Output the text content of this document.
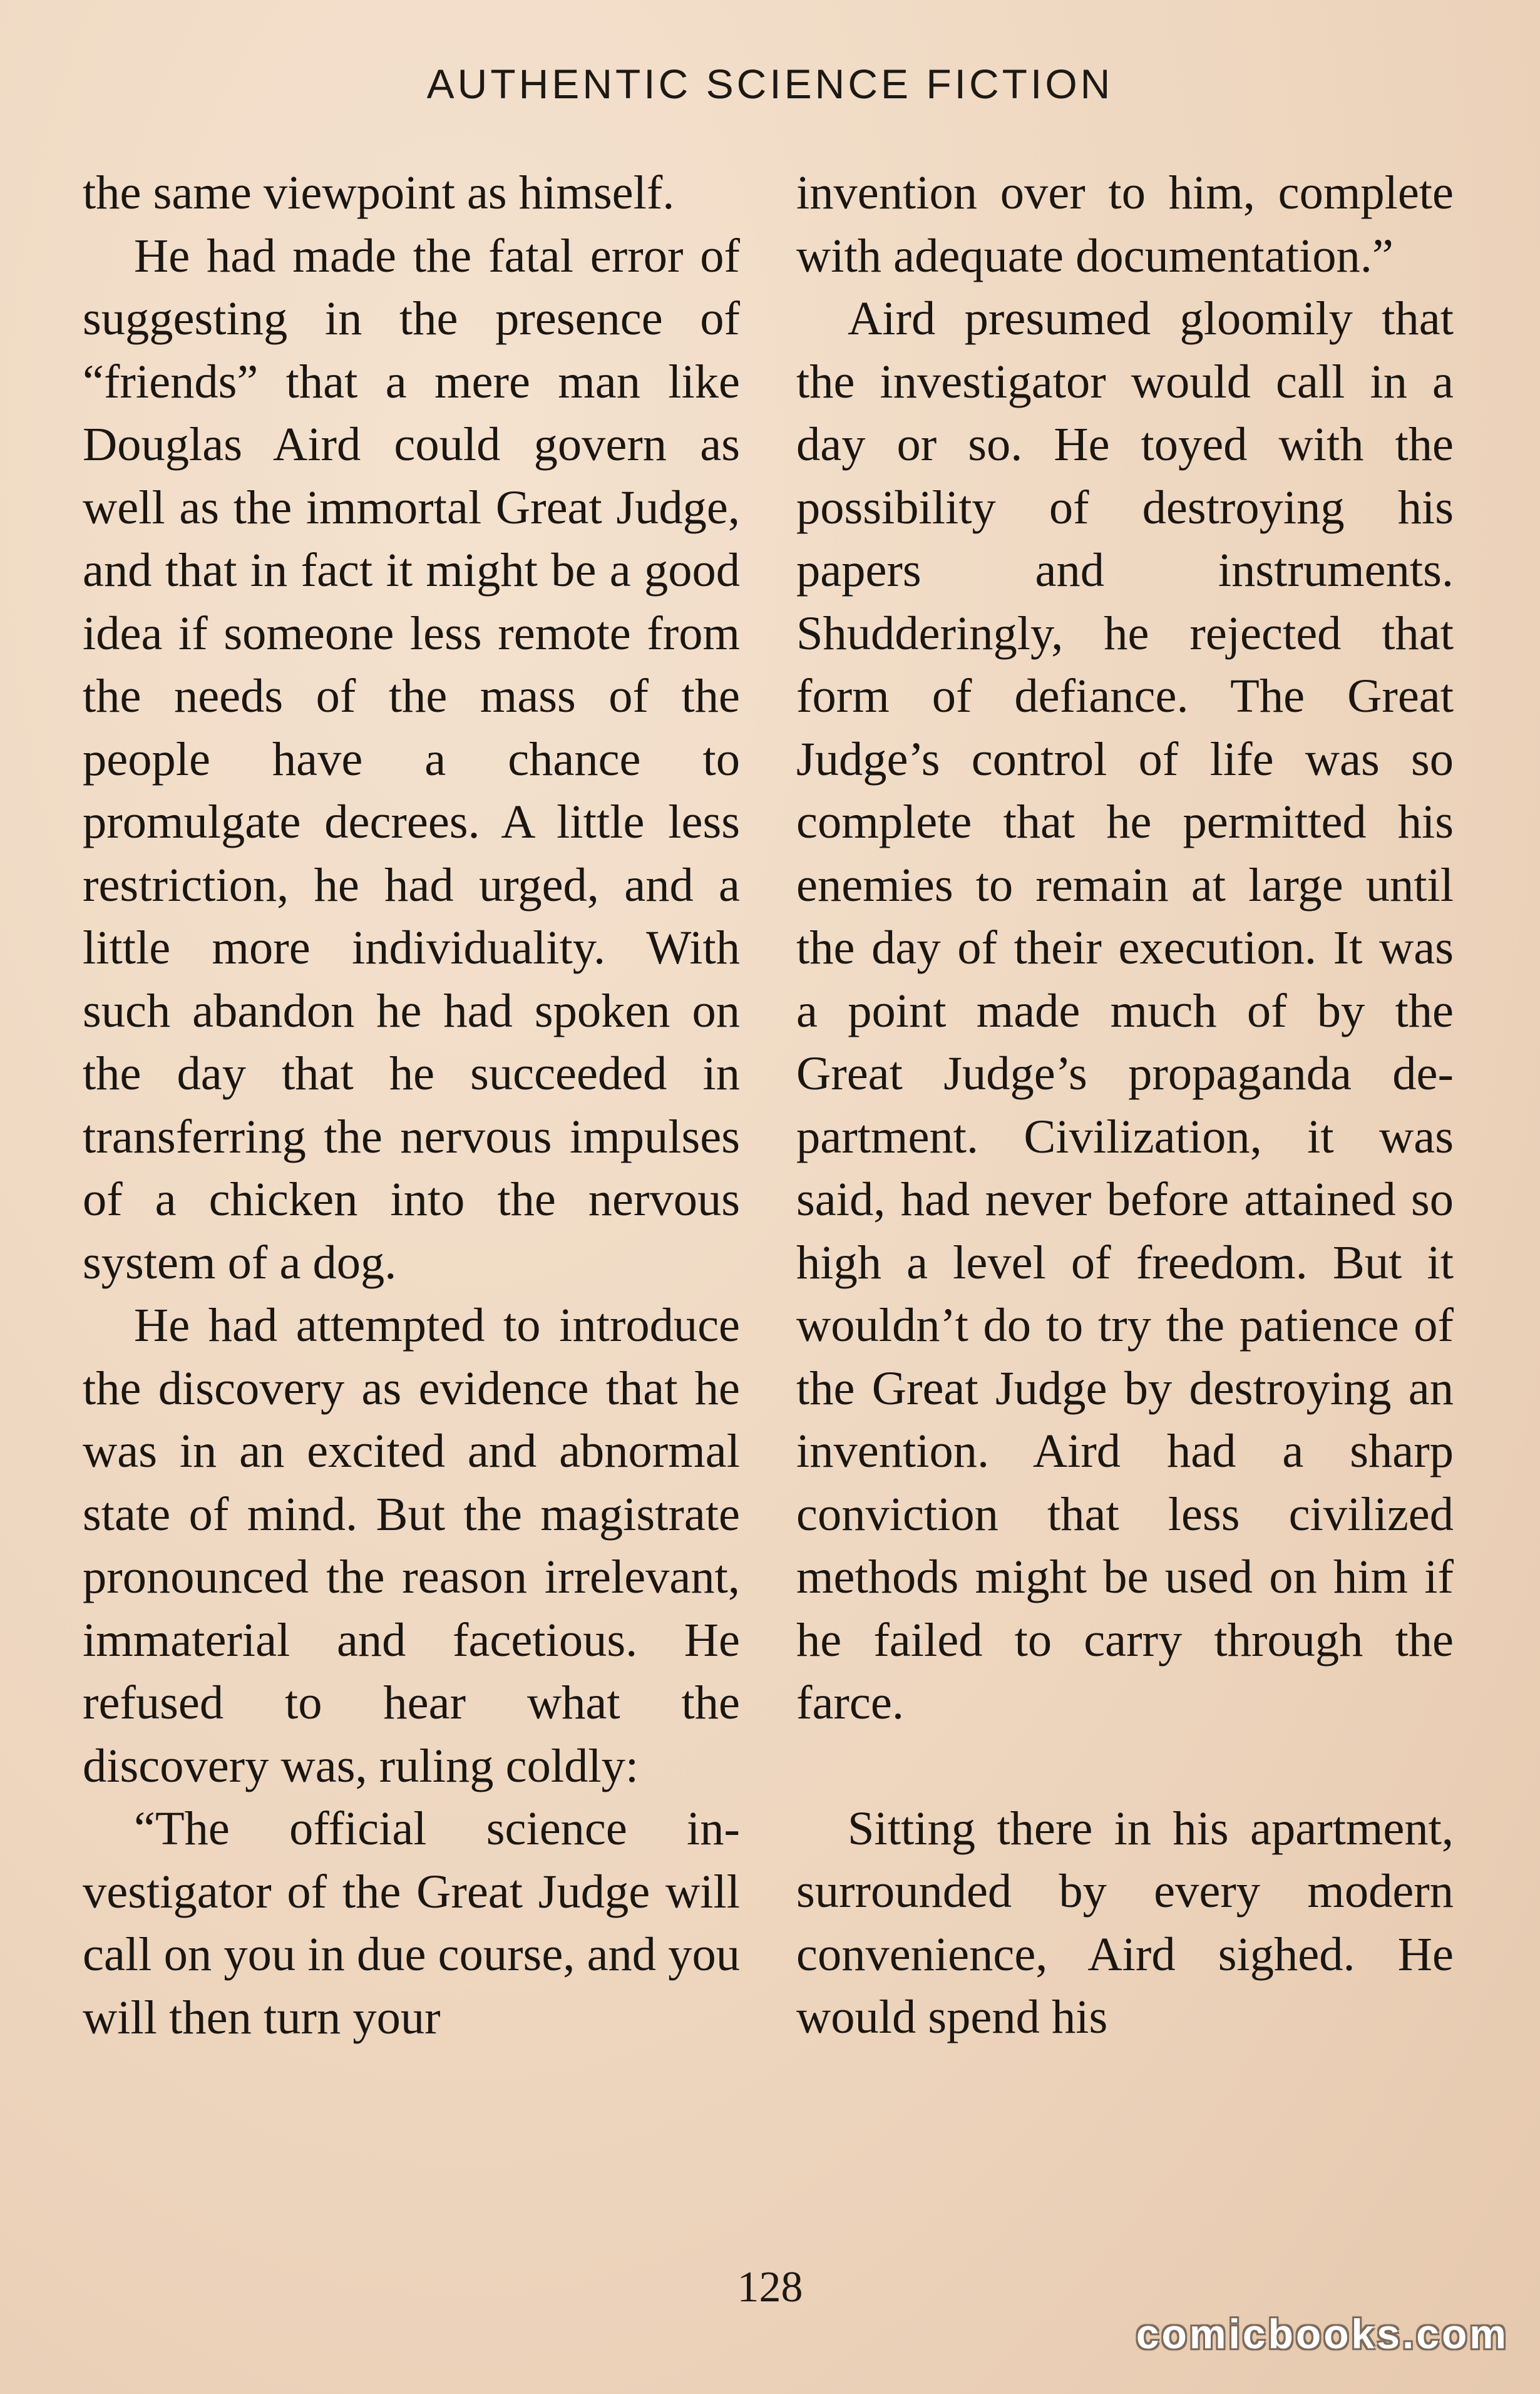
AUTHENTIC SCIENCE FICTION

the same viewpoint as himself.

He had made the fatal error of suggesting in the presence of “friends” that a mere man like Douglas Aird could govern as well as the immortal Great Judge, and that in fact it might be a good idea if someone less remote from the needs of the mass of the people have a chance to promulgate decrees. A little less restriction, he had urged, and a little more individuality. With such abandon he had spoken on the day that he succeeded in transferring the nervous impulses of a chicken into the nervous system of a dog.

He had attempted to introduce the discovery as evidence that he was in an excited and abnormal state of mind. But the magistrate pronounced the reason irrelevant, immaterial and facetious. He refused to hear what the discovery was, ruling coldly:

“The official science investigator of the Great Judge will call on you in due course, and you will then turn your

invention over to him, complete with adequate documentation.”

Aird presumed gloomily that the investigator would call in a day or so. He toyed with the possibility of destroying his papers and instruments. Shudderingly, he rejected that form of defiance. The Great Judge’s control of life was so complete that he permitted his enemies to remain at large until the day of their execution. It was a point made much of by the Great Judge’s propaganda department. Civilization, it was said, had never before attained so high a level of freedom. But it wouldn’t do to try the patience of the Great Judge by destroying an invention. Aird had a sharp conviction that less civilized methods might be used on him if he failed to carry through the farce.

Sitting there in his apartment, surrounded by every modern convenience, Aird sighed. He would spend his

128
comicbooks.com
